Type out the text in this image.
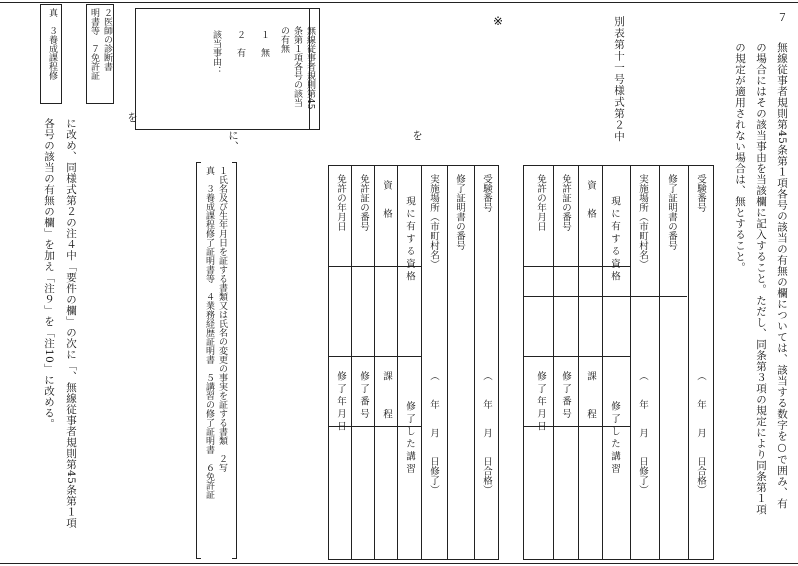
７
無線従事者規則第45条第１項各号の該当の有無の欄については、該当する数字を○で囲み、有
の場合にはその該当事由を当該欄に記入すること。ただし、同条第３項の規定により同条第１項
の規定が適用されない場合は、無とすること。
別表第十一号様式第２中
受験番号
（　　年　　月　　日合格）
修了証明書の番号
実施場所（市町村名）
（　　年　　月　　日修了）
現 に 有 す る 資 格
修 了 し た 講 習
資　　格
課　　　程
免許証の番号
修 了 番 号
免許の年月日
修 了 年 月 日
を
受験番号
（　　年　　月　　日合格）
修了証明書の番号
実施場所（市町村名）
（　　年　　月　　日修了）
現 に 有 す る 資 格
修 了 し た 講 習
資　　格
課　　　程
免許証の番号
修 了 番 号
免許の年月日
修 了 年 月 日
に、
※
無線従事者規則第45
条第１項各号の該当
の有無
１　無
２　有
該当事由：
１氏名及び生年月日を証する書類又は氏名の変更の事実を証する書類　２写
真　３養成課程修了証明書等　４業務経歴証明書　５講習の修了証明書　６免許証
を
２医師の診断書
明書等　７免許証
真　３養成課程修
に改め、同様式第２の注４中「要件の欄」の次に「、無線従事者規則第45条第１項
各号の該当の有無の欄」を加え「注９」を「注10」に改める。
